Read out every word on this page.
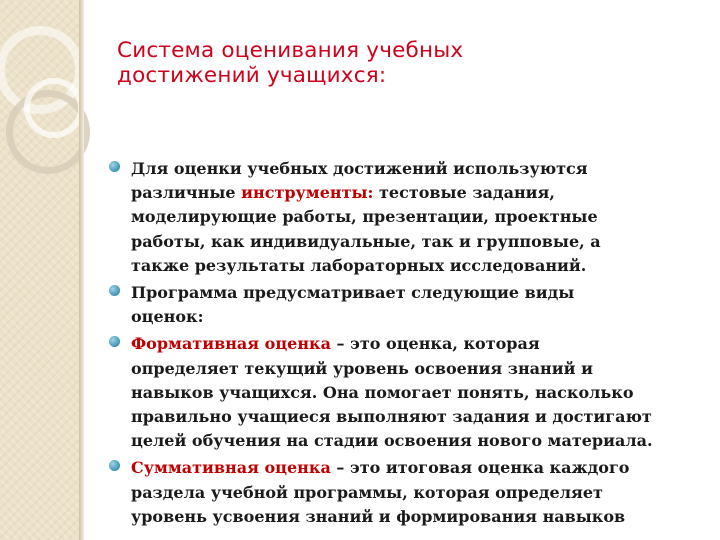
Система оценивания учебных
достижений учащихся:
Для оценки учебных достижений используются
различные инструменты: тестовые задания,
моделирующие работы, презентации, проектные
работы, как индивидуальные, так и групповые, а
также результаты лабораторных исследований.
Программа предусматривает следующие виды
оценок:
Формативная оценка – это оценка, которая
определяет текущий уровень освоения знаний и
навыков учащихся. Она помогает понять, насколько
правильно учащиеся выполняют задания и достигают
целей обучения на стадии освоения нового материала.
Суммативная оценка – это итоговая оценка каждого
раздела учебной программы, которая определяет
уровень усвоения знаний и формирования навыков
